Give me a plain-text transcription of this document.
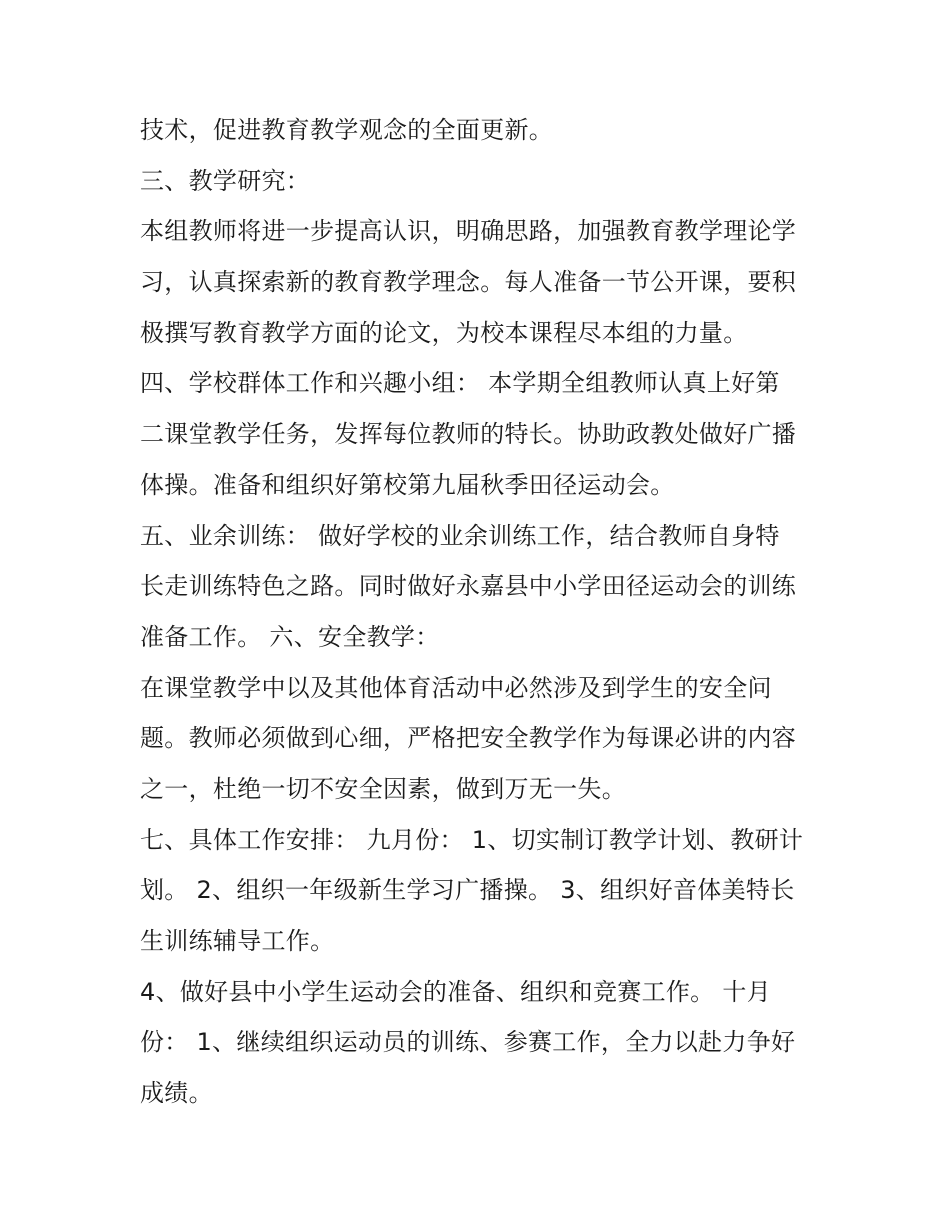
技术，促进教育教学观念的全面更新。
三、教学研究：
本组教师将进一步提高认识，明确思路，加强教育教学理论学
习，认真探索新的教育教学理念。每人准备一节公开课，要积
极撰写教育教学方面的论文，为校本课程尽本组的力量。
四、学校群体工作和兴趣小组： 本学期全组教师认真上好第
二课堂教学任务，发挥每位教师的特长。协助政教处做好广播
体操。准备和组织好第校第九届秋季田径运动会。
五、业余训练： 做好学校的业余训练工作，结合教师自身特
长走训练特色之路。同时做好永嘉县中小学田径运动会的训练
准备工作。 六、安全教学：
在课堂教学中以及其他体育活动中必然涉及到学生的安全问
题。教师必须做到心细，严格把安全教学作为每课必讲的内容
之一，杜绝一切不安全因素，做到万无一失。
七、具体工作安排： 九月份： 1、切实制订教学计划、教研计
划。 2、组织一年级新生学习广播操。 3、组织好音体美特长
生训练辅导工作。
4、做好县中小学生运动会的准备、组织和竞赛工作。 十月
份： 1、继续组织运动员的训练、参赛工作，全力以赴力争好
成绩。
